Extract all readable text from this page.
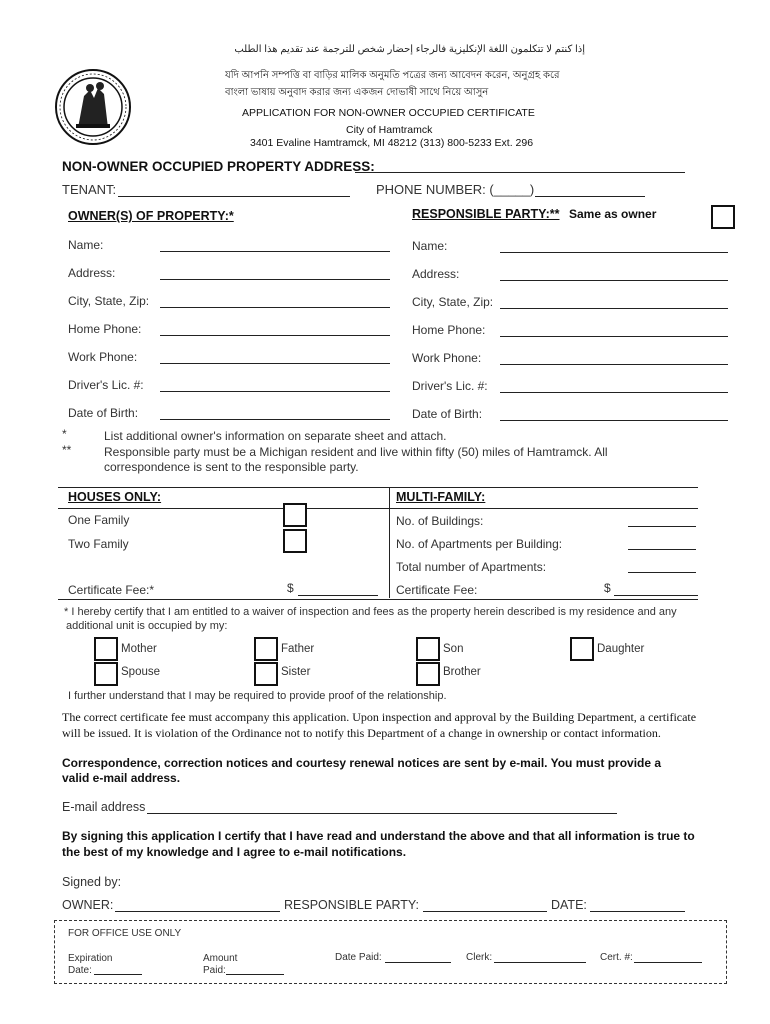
إذا كنتم لا تتكلمون اللغة الإنكليزية فالرجاء إحضار شخص للترجمة عند تقديم هذا الطلب
যদি আপনি সম্পত্তি বা বাড়ির মালিক অনুমতি পত্রের জন্য আবেদন করেন, অনুগ্রহ করে
বাংলা ভাষায় অনুবাদ করার জন্য একজন দোভাষী সাথে নিয়ে আসুন
APPLICATION FOR NON-OWNER OCCUPIED CERTIFICATE
City of Hamtramck
3401 Evaline Hamtramck, MI 48212 (313) 800-5233 Ext. 296
NON-OWNER OCCUPIED PROPERTY ADDRESS:
TENANT:	PHONE NUMBER: (_____)
OWNER(S) OF PROPERTY:*	RESPONSIBLE PARTY:** Same as owner
Name:
Address:
City, State, Zip:
Home Phone:
Work Phone:
Driver's Lic. #:
Date of Birth:
Name:
Address:
City, State, Zip:
Home Phone:
Work Phone:
Driver's Lic. #:
Date of Birth:
*
**
List additional owner's information on separate sheet and attach.
Responsible party must be a Michigan resident and live within fifty (50) miles of Hamtramck. All
correspondence is sent to the responsible party.
HOUSES ONLY:
One Family
Two Family
Certificate Fee:*	$
MULTI-FAMILY:
No. of Buildings:
No. of Apartments per Building:
Total number of Apartments:
Certificate Fee:	$
* I hereby certify that I am entitled to a waiver of inspection and fees as the property herein described is my residence and any
additional unit is occupied by my:
Mother	Father	Son	Daughter
Spouse	Sister	Brother
I further understand that I may be required to provide proof of the relationship.
The correct certificate fee must accompany this application. Upon inspection and approval by the Building Department, a certificate
will be issued. It is violation of the Ordinance not to notify this Department of a change in ownership or contact information.
Correspondence, correction notices and courtesy renewal notices are sent by e-mail. You must provide a
valid e-mail address.
E-mail address
By signing this application I certify that I have read and understand the above and that all information is true to
the best of my knowledge and I agree to e-mail notifications.
Signed by:
OWNER:	RESPONSIBLE PARTY:	DATE:
FOR OFFICE USE ONLY
Expiration
Date:
Amount
Paid:
Date Paid:	Clerk:	Cert. #:
